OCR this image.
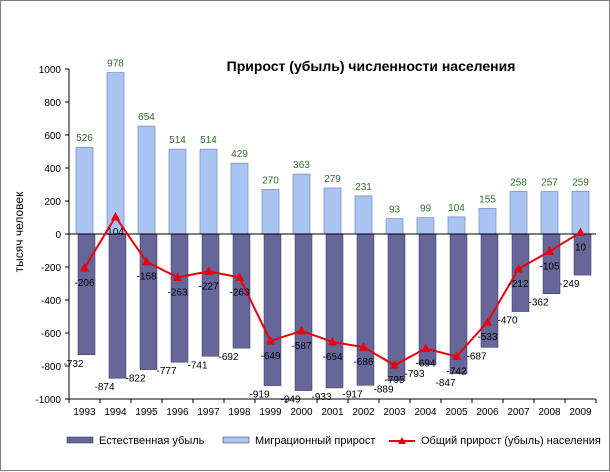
Прирост (убыль) численности населения
тысяч человек
-1000
-800
-600
-400
-200
0
200
400
600
800
1000
-732
-874
-822
-777
-741
-692
-919 -949 -933 -917 -889
-793
-847
-687
-470
-362
-249
526
978
654
514 514
429
270
363
279
231
93 99 104
155
258 257 259
-206
104
-168
-263
-227
-263
-649
-587
-654 -686
-795
-694
-742
-533
-212
-105
10
1993 1994 1995 1996 1997 1998 1999 2000 2001 2002 2003 2004 2005 2006 2007 2008 2009
Естественная убыль	Миграционный прирост	Общий прирост (убыль) населения
